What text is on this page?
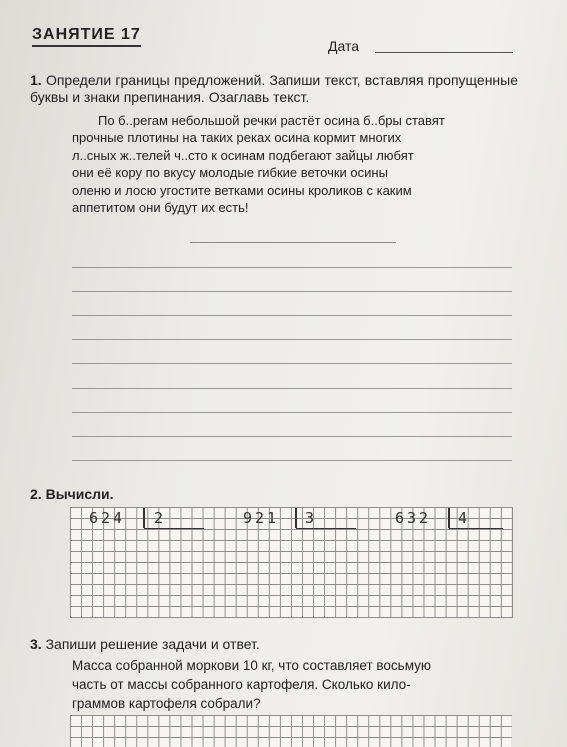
ЗАНЯТИЕ 17
Дата
1. Определи границы предложений. Запиши текст, вставляя пропущенные буквы и знаки препинания. Озаглавь текст.
По б..регам небольшой речки растёт осина б..бры ставят
прочные плотины на таких реках осина кормит многих
л..сных ж..телей ч..сто к осинам подбегают зайцы любят
они её кору по вкусу молодые гибкие веточки осины
оленю и лосю угостите ветками осины кроликов с каким
аппетитом они будут их есть!
2. Вычисли.
624 2	921 3	632 4
3. Запиши решение задачи и ответ.
Масса собранной моркови 10 кг, что составляет восьмую
часть от массы собранного картофеля. Сколько кило-
граммов картофеля собрали?
